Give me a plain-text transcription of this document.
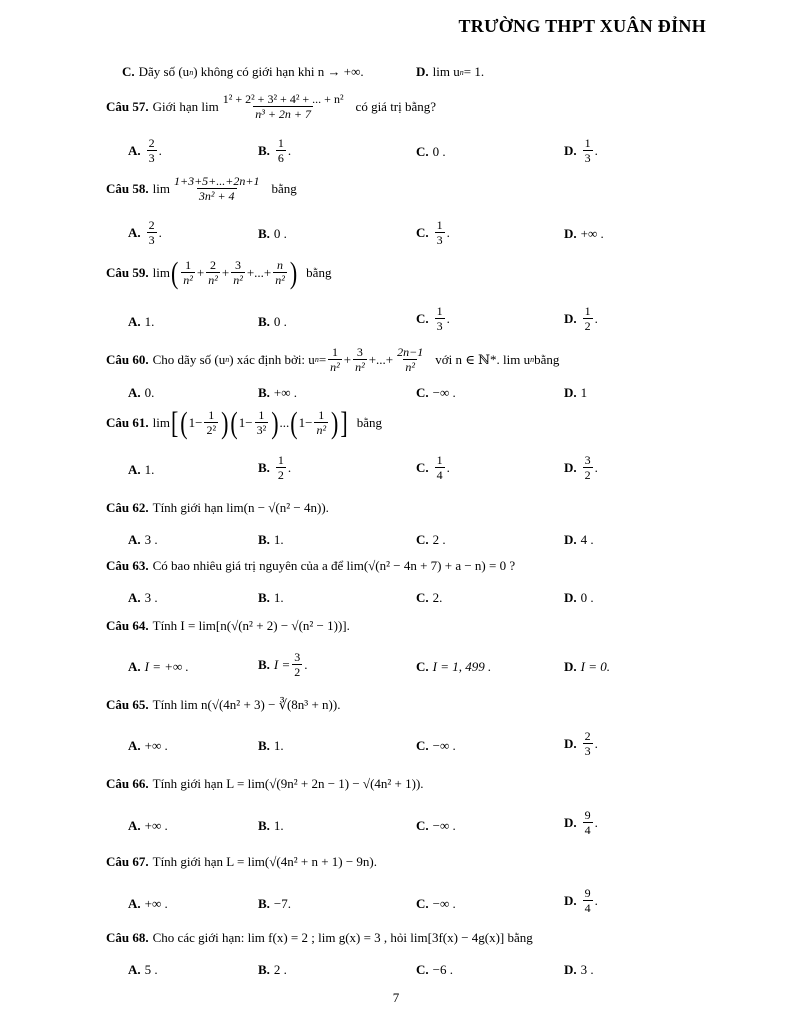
TRƯỜNG THPT XUÂN ĐỈNH
C. Dãy số (u n ) không có giới hạn khi n → +∞.	D. lim u n = 1.
Câu 57. Giới hạn $\lim \frac{\text{1² + 2² + 3² + 4² + ... + n²}}{\text{n³ + 2n + 7}}$ có giá trị bằng?
A. $\frac{2}{3}$ .	B. $\frac{1}{6}$ .	C. 0 .	D. $\frac{1}{3}$ .
Câu 58. $\lim \frac{1+3+5+...+2n+1}{\text{3n² + 4}}$ bằng
A. $\frac{2}{3}$ .	B. 0 .	C. $\frac{1}{3}$ .	D. +∞ .
Câu 59. lim ( $\frac{1}{\text{n²}} + \frac{2}{\text{n²}} + \frac{3}{\text{n²}}$ +...+ $\frac{n}{\text{n²}}$ ) bằng
A. 1.	B. 0 .	C. $\frac{1}{3}$ .	D. $\frac{1}{2}$ .
Câu 60. Cho dãy số (u n ) xác định bởi: u $n = \frac{1}{\text{n²}} + \frac{3}{\text{n²}}$ +...+ $\frac{2n-1}{\text{n²}}$ với n ∈ ℕ*. lim u n bằng
A. 0.	B. +∞ .	C. −∞ .	D. 1
Câu 61. lim [ ( $1- \frac{1}{\text{2²}}$ ) ( $1- \frac{1}{\text{3²}}$ ) ... ( $1- \frac{1}{\text{n²}}$ ) ] bằng
A. 1.	B. $\frac{1}{2}$ .	C. $\frac{1}{4}$ .	D. $\frac{3}{2}$ .
Câu 62. Tính giới hạn lim(n − √(n² − 4n)).
A. 3 .	B. 1.	C. 2 .	D. 4 .
Câu 63. Có bao nhiêu giá trị nguyên của a để lim(√(n² − 4n + 7) + a − n) = 0 ?
A. 3 .	B. 1.	C. 2.	D. 0 .
Câu 64. Tính I = lim[n(√(n² + 2) − √(n² − 1))].
A. I = +∞ .	B. $I = \frac{3}{2}$ .	C. I = 1, 499 .	D. I = 0.
Câu 65. Tính lim n(√(4n² + 3) − ∛(8n³ + n)).
A. +∞ .	B. 1.	C. −∞ .	D. $\frac{2}{3}$ .
Câu 66. Tính giới hạn L = lim(√(9n² + 2n − 1) − √(4n² + 1)).
A. +∞ .	B. 1.	C. −∞ .	D. $\frac{9}{4}$ .
Câu 67. Tính giới hạn L = lim(√(4n² + n + 1) − 9n).
A. +∞ .	B. −7.	C. −∞ .	D. $\frac{9}{4}$ .
Câu 68. Cho các giới hạn: lim f(x) = 2 ; lim g(x) = 3 , hỏi lim[3f(x) − 4g(x)] bằng
A. 5 .	B. 2 .	C. −6 .	D. 3 .
7
